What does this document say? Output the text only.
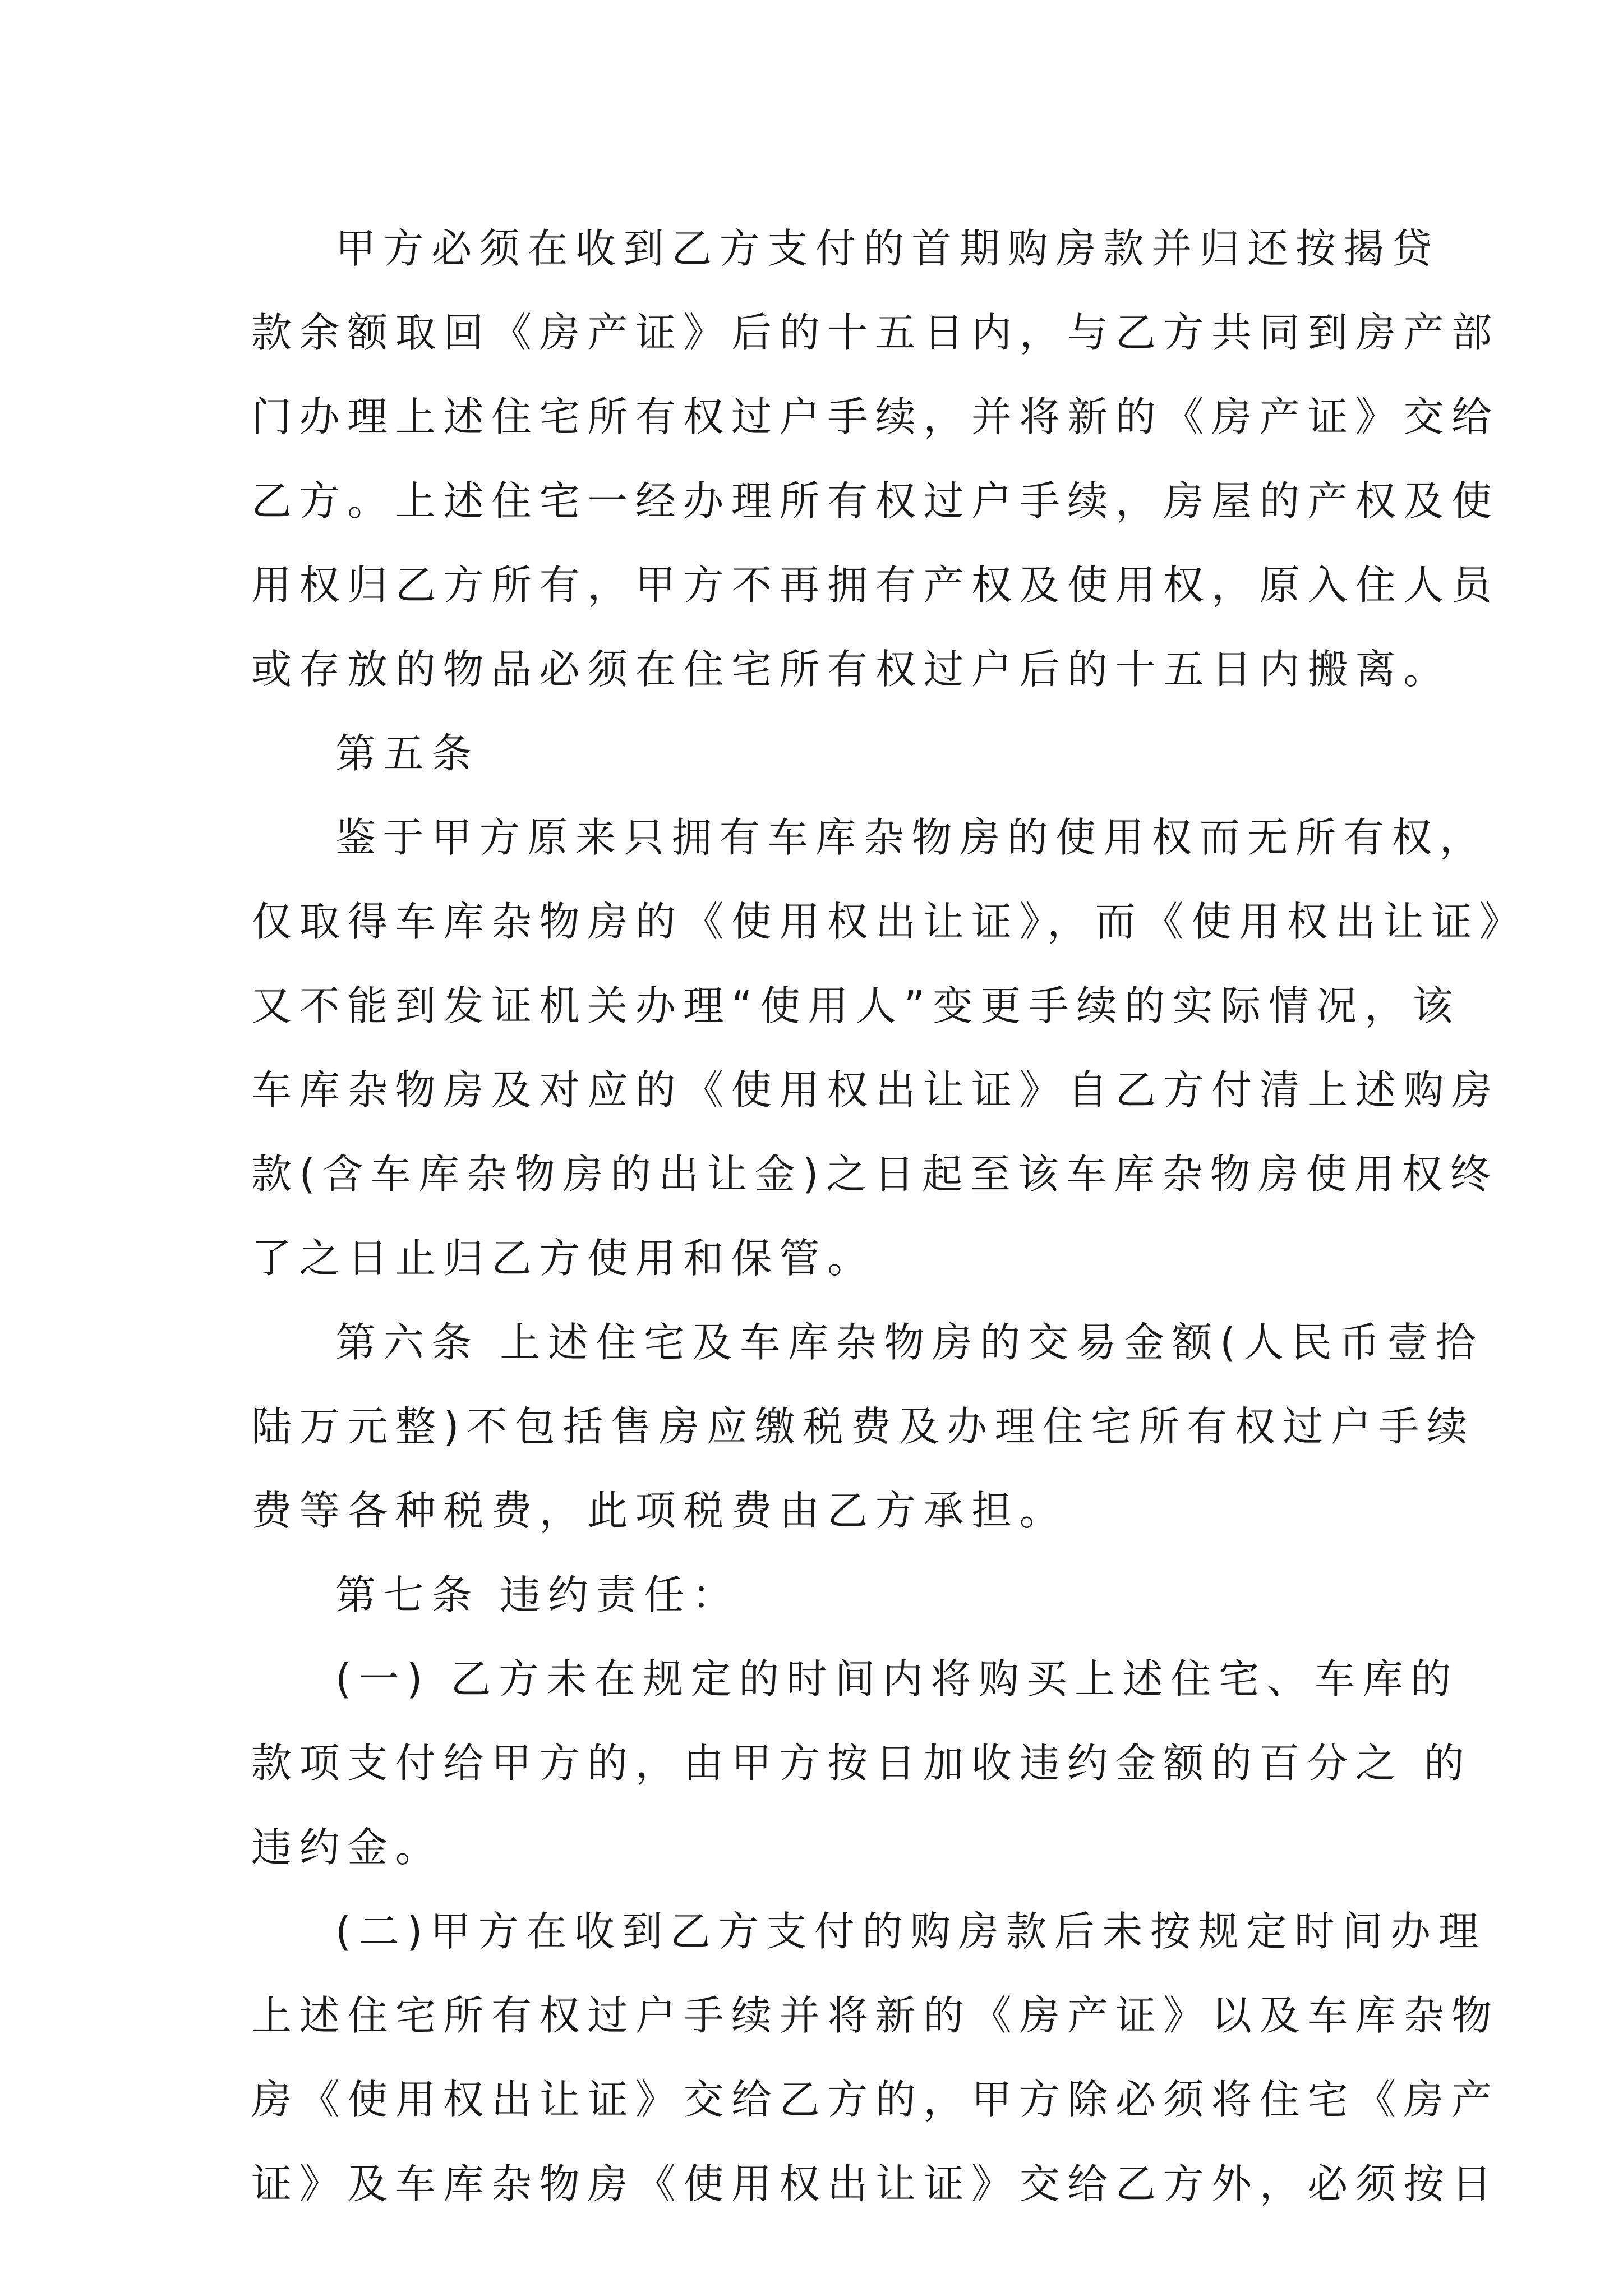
甲方必须在收到乙方支付的首期购房款并归还按揭贷
款余额取回《房产证》后的十五日内，与乙方共同到房产部
门办理上述住宅所有权过户手续，并将新的《房产证》交给
乙方。上述住宅一经办理所有权过户手续，房屋的产权及使
用权归乙方所有，甲方不再拥有产权及使用权，原入住人员
或存放的物品必须在住宅所有权过户后的十五日内搬离。
第五条
鉴于甲方原来只拥有车库杂物房的使用权而无所有权，
仅取得车库杂物房的《使用权出让证》，而《使用权出让证》
又不能到发证机关办理“使用人”变更手续的实际情况，该
车库杂物房及对应的《使用权出让证》自乙方付清上述购房
款(含车库杂物房的出让金)之日起至该车库杂物房使用权终
了之日止归乙方使用和保管。
第六条 上述住宅及车库杂物房的交易金额(人民币壹拾
陆万元整)不包括售房应缴税费及办理住宅所有权过户手续
费等各种税费，此项税费由乙方承担。
第七条 违约责任：
(一) 乙方未在规定的时间内将购买上述住宅、车库的
款项支付给甲方的，由甲方按日加收违约金额的百分之 的
违约金。
(二)甲方在收到乙方支付的购房款后未按规定时间办理
上述住宅所有权过户手续并将新的《房产证》以及车库杂物
房《使用权出让证》交给乙方的，甲方除必须将住宅《房产
证》及车库杂物房《使用权出让证》交给乙方外，必须按日
